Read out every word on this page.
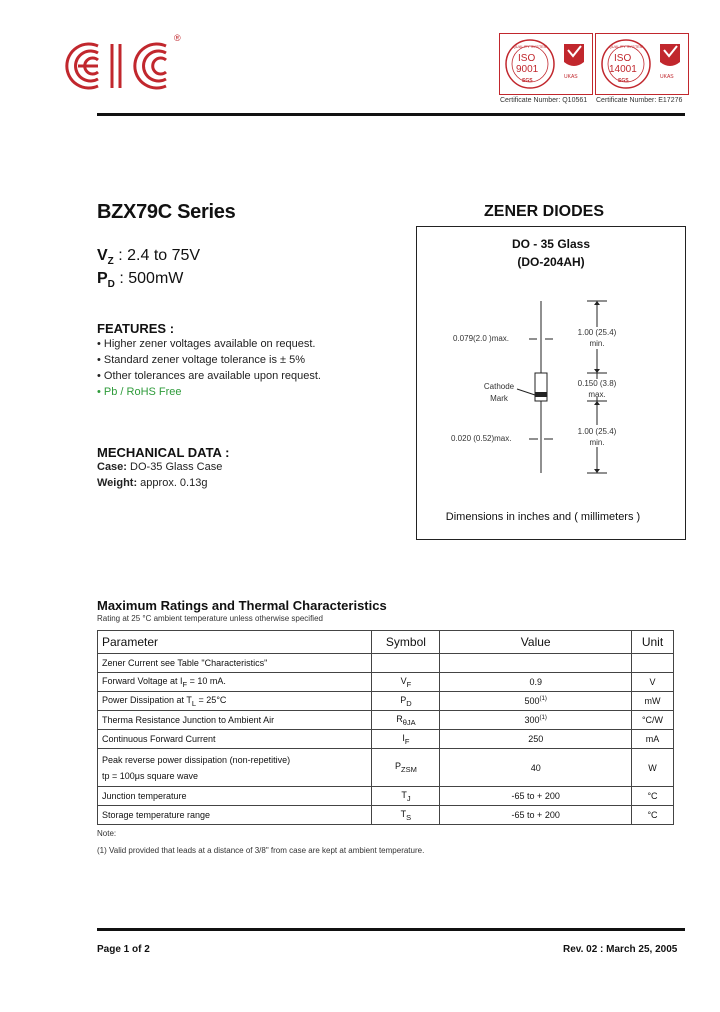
®
QUALITY SYSTEM
ISO
9001
SGS
UKAS
Certificate Number: Q10561
QUALITY SYSTEM
ISO
14001
SGS
UKAS
Certificate Number: E17276
BZX79C Series	ZENER DIODES
$V_Z$ : 2.4 to 75V
$P_D$ : 500mW
FEATURES :
• Higher zener voltages available on request.
• Standard zener voltage tolerance is ± 5%
• Other tolerances are available upon request.
• Pb / RoHS Free
MECHANICAL DATA :
Case: DO-35 Glass Case
Weight: approx. 0.13g
DO - 35 Glass
(DO-204AH)
0.079(2.0 )max.
1.00 (25.4)
min.
Cathode
Mark
0.150 (3.8)
max.
0.020 (0.52)max.
1.00 (25.4)
min.
Dimensions in inches and ( millimeters )
Maximum Ratings and Thermal Characteristics
Rating at 25 °C ambient temperature unless otherwise specified
Parameter	Symbol	Value	Unit
Zener Current see Table "Characteristics"			
Forward Voltage at $I_F = 10$ mA.	$V_F$	0.9	V
Power Dissipation at $T_L = 25^\circ C$	$P_D$	500$^{(1)}$	mW
Therma Resistance Junction to Ambient Air	$R_{\theta JA}$	300$^{(1)}$	°C/W
Continuous Forward Current	$I_F$	250	mA

Peak reverse power dissipation (non-repetitive)
tp = 100μs square wave	$P_{ZSM}$	40	W
Junction temperature	$T_J$	-65 to + 200	°C
Storage temperature range	$T_S$	-65 to + 200	°C
Note:
(1) Valid provided that leads at a distance of 3/8" from case are kept at ambient temperature.
Page 1 of 2	Rev. 02 : March 25, 2005
